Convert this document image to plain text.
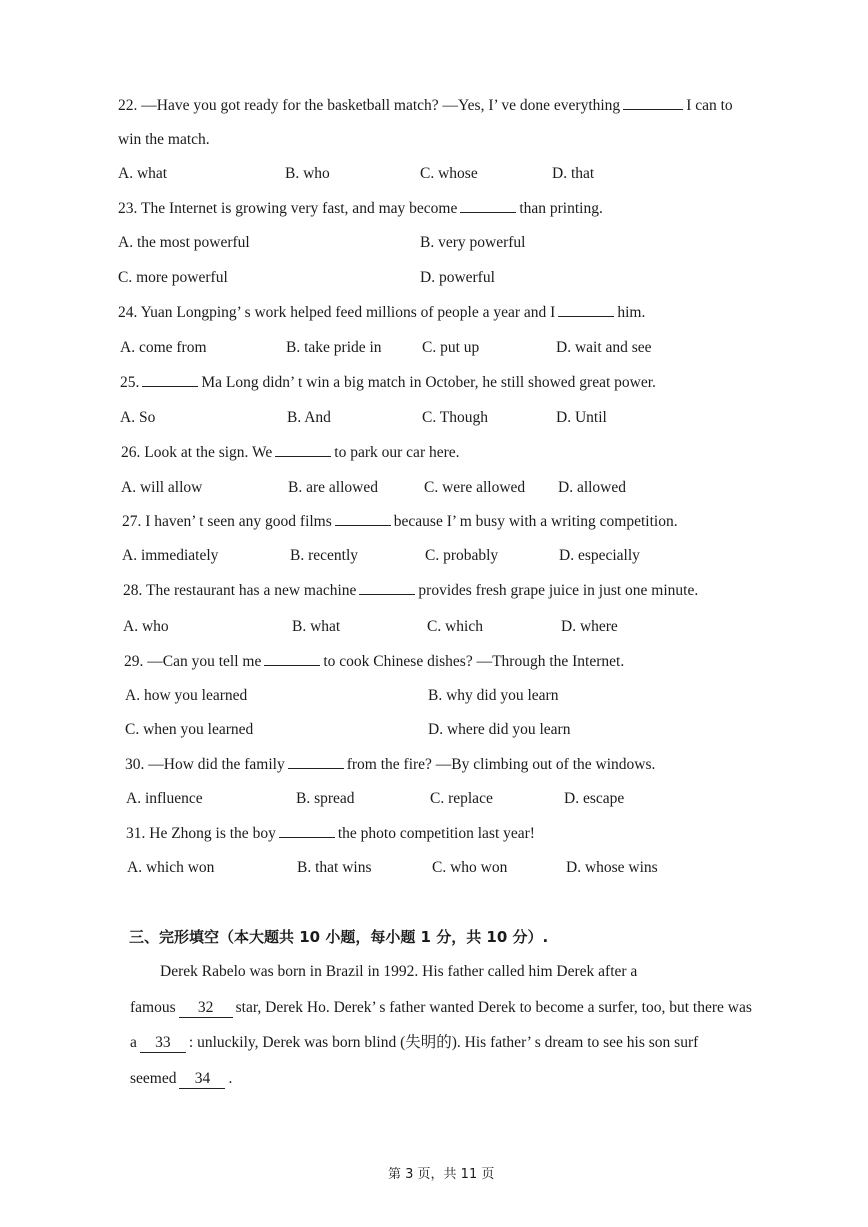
22. —Have you got ready for the basketball match? —Yes, I’ ve done everything	I can to
win the match.
A. what	B. who	C. whose	D. that
23. The Internet is growing very fast, and may become	than printing.
A. the most powerful	B. very powerful
C. more powerful	D. powerful
24. Yuan Longping’ s work helped feed millions of people a year and I	him.
A. come from	B. take pride in	C. put up	D. wait and see
25.	Ma Long didn’ t win a big match in October, he still showed great power.
A. So	B. And	C. Though	D. Until
26. Look at the sign. We	to park our car here.
A. will allow	B. are allowed	C. were allowed D. allowed
27. I haven’ t seen any good films	because I’ m busy with a writing competition.
A. immediately	B. recently	C. probably	D. especially
28. The restaurant has a new machine	provides fresh grape juice in just one minute.
A. who	B. what	C. which	D. where
29. —Can you tell me	to cook Chinese dishes? —Through the Internet.
A. how you learned	B. why did you learn
C. when you learned	D. where did you learn
30. —How did the family	from the fire? —By climbing out of the windows.
A. influence	B. spread	C. replace	D. escape
31. He Zhong is the boy	the photo competition last year!
A. which won	B. that wins	C. who won	D. whose wins
三、完形填空（本大题共 10 小题，每小题 1 分，共 10 分）.
Derek Rabelo was born in Brazil in 1992. His father called him Derek after a
famous 32 star, Derek Ho. Derek’ s father wanted Derek to become a surfer, too, but there was
a 33 : unluckily, Derek was born blind (失明的). His father’ s dream to see his son surf
seemed 34 .
第 3 页，共 11 页
